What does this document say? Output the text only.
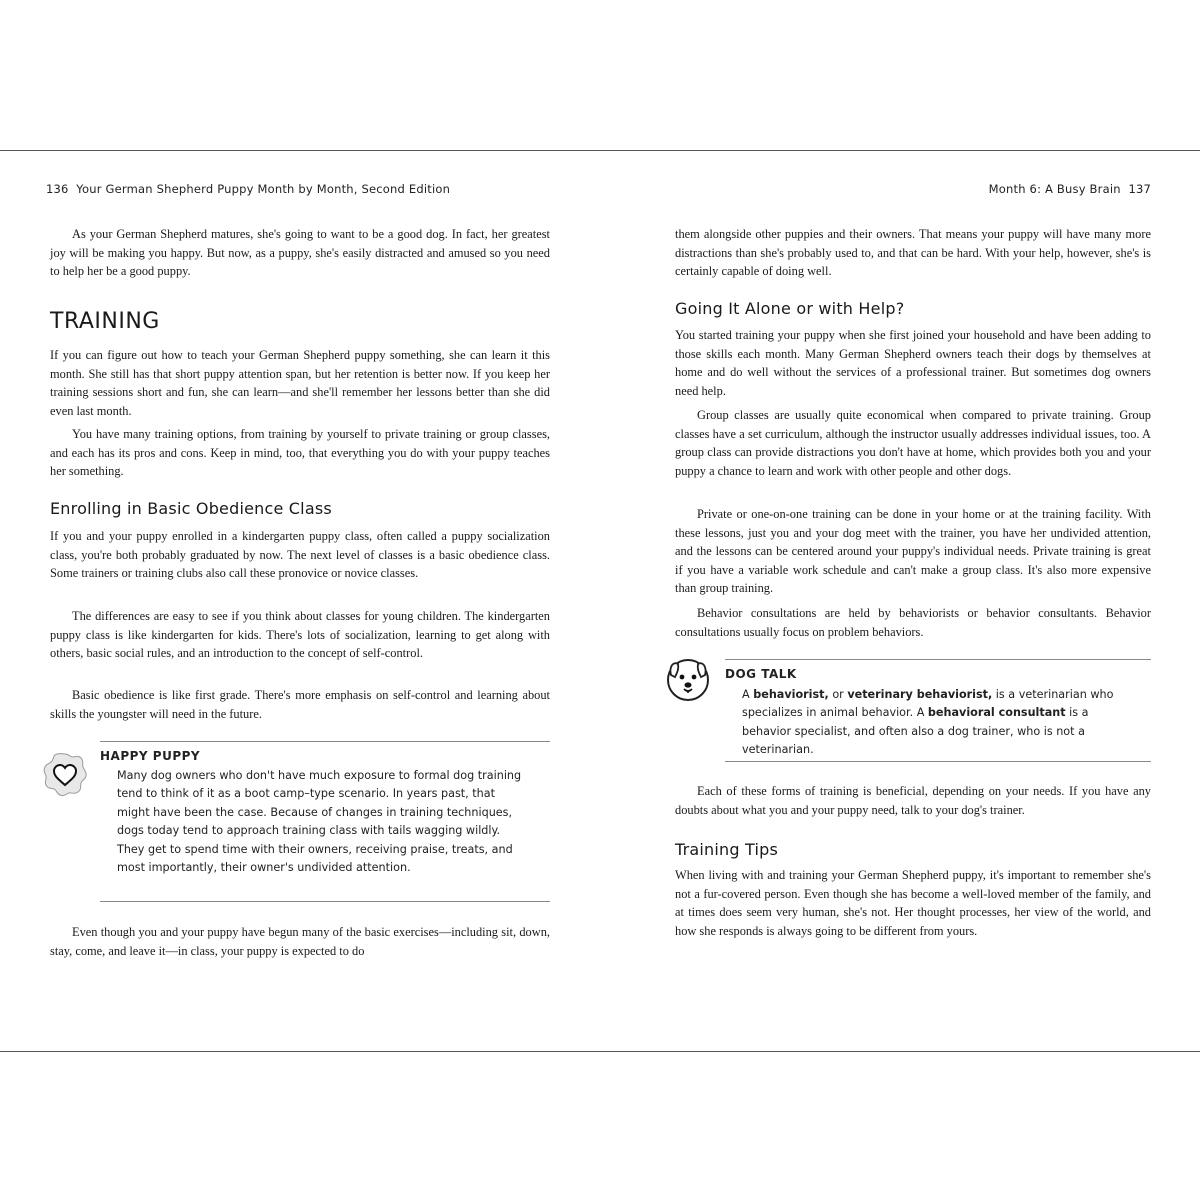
136 Your German Shepherd Puppy Month by Month, Second Edition

As your German Shepherd matures, she's going to want to be a good dog. In fact, her greatest joy will be making you happy. But now, as a puppy, she's easily distracted and amused so you need to help her be a good puppy.

TRAINING

If you can figure out how to teach your German Shepherd puppy something, she can learn it this month. She still has that short puppy attention span, but her retention is better now. If you keep her training sessions short and fun, she can learn—and she'll remember her lessons better than she did even last month.

You have many training options, from training by yourself to private training or group classes, and each has its pros and cons. Keep in mind, too, that everything you do with your puppy teaches her something.

Enrolling in Basic Obedience Class

If you and your puppy enrolled in a kindergarten puppy class, often called a puppy socialization class, you're both probably graduated by now. The next level of classes is a basic obedience class. Some trainers or training clubs also call these pronovice or novice classes.

The differences are easy to see if you think about classes for young children. The kindergarten puppy class is like kindergarten for kids. There's lots of socialization, learning to get along with others, basic social rules, and an introduction to the concept of self-control.

Basic obedience is like first grade. There's more emphasis on self-control and learning about skills the youngster will need in the future.

HAPPY PUPPY

Many dog owners who don't have much exposure to formal dog training tend to think of it as a boot camp–type scenario. In years past, that might have been the case. Because of changes in training techniques, dogs today tend to approach training class with tails wagging wildly. They get to spend time with their owners, receiving praise, treats, and most importantly, their owner's undivided attention.

Even though you and your puppy have begun many of the basic exercises—including sit, down, stay, come, and leave it—in class, your puppy is expected to do

Month 6: A Busy Brain 137

them alongside other puppies and their owners. That means your puppy will have many more distractions than she's probably used to, and that can be hard. With your help, however, she's is certainly capable of doing well.

Going It Alone or with Help?

You started training your puppy when she first joined your household and have been adding to those skills each month. Many German Shepherd owners teach their dogs by themselves at home and do well without the services of a professional trainer. But sometimes dog owners need help.

Group classes are usually quite economical when compared to private training. Group classes have a set curriculum, although the instructor usually addresses individual issues, too. A group class can provide distractions you don't have at home, which provides both you and your puppy a chance to learn and work with other people and other dogs.

Private or one-on-one training can be done in your home or at the training facility. With these lessons, just you and your dog meet with the trainer, you have her undivided attention, and the lessons can be centered around your puppy's individual needs. Private training is great if you have a variable work schedule and can't make a group class. It's also more expensive than group training.

Behavior consultations are held by behaviorists or behavior consultants. Behavior consultations usually focus on problem behaviors.

DOG TALK

A behaviorist, or veterinary behaviorist, is a veterinarian who specializes in animal behavior. A behavioral consultant is a behavior specialist, and often also a dog trainer, who is not a veterinarian.

Each of these forms of training is beneficial, depending on your needs. If you have any doubts about what you and your puppy need, talk to your dog's trainer.

Training Tips

When living with and training your German Shepherd puppy, it's important to remember she's not a fur-covered person. Even though she has become a well-loved member of the family, and at times does seem very human, she's not. Her thought processes, her view of the world, and how she responds is always going to be different from yours.
